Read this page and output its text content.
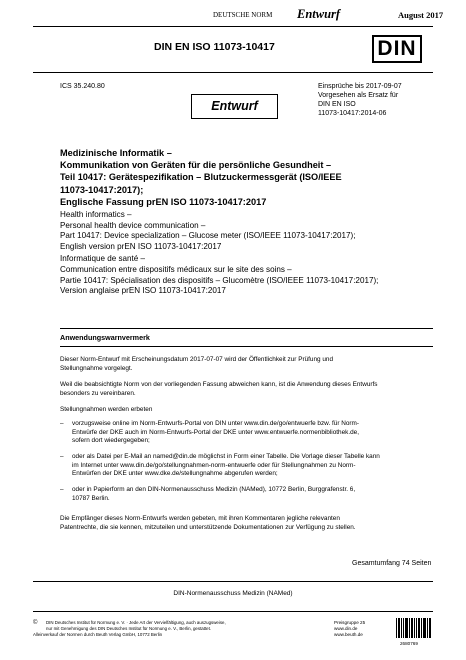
DEUTSCHE NORM Entwurf	August 2017
DIN EN ISO 11073-10417	DIN
ICS 35.240.80	Einsprüche bis 2017-09-07
Vorgesehen als Ersatz für
DIN EN ISO
11073-10417:2014-06
Entwurf
Medizinische Informatik –
Kommunikation von Geräten für die persönliche Gesundheit –
Teil 10417: Gerätespezifikation – Blutzuckermessgerät (ISO/IEEE
11073-10417:2017);
Englische Fassung prEN ISO 11073-10417:2017
Health informatics –
Personal health device communication –
Part 10417: Device specialization – Glucose meter (ISO/IEEE 11073-10417:2017);
English version prEN ISO 11073-10417:2017
Informatique de santé –
Communication entre dispositifs médicaux sur le site des soins –
Partie 10417: Spécialisation des dispositifs – Glucomètre (ISO/IEEE 11073-10417:2017);
Version anglaise prEN ISO 11073-10417:2017
Anwendungswarnvermerk
Dieser Norm-Entwurf mit Erscheinungsdatum 2017-07-07 wird der Öffentlichkeit zur Prüfung und
Stellungnahme vorgelegt.
Weil die beabsichtigte Norm von der vorliegenden Fassung abweichen kann, ist die Anwendung dieses Entwurfs
besonders zu vereinbaren.
Stellungnahmen werden erbeten
– vorzugsweise online im Norm-Entwurfs-Portal von DIN unter www.din.de/go/entwuerfe bzw. für Norm-
Entwürfe der DKE auch im Norm-Entwurfs-Portal der DKE unter www.entwuerfe.normenbibliothek.de,
sofern dort wiedergegeben;
– oder als Datei per E-Mail an named@din.de möglichst in Form einer Tabelle. Die Vorlage dieser Tabelle kann
im Internet unter www.din.de/go/stellungnahmen-norm-entwuerfe oder für Stellungnahmen zu Norm-
Entwürfen der DKE unter www.dke.de/stellungnahme abgerufen werden;
– oder in Papierform an den DIN-Normenausschuss Medizin (NAMed), 10772 Berlin, Burggrafenstr. 6,
10787 Berlin.
Die Empfänger dieses Norm-Entwurfs werden gebeten, mit ihren Kommentaren jegliche relevanten
Patentrechte, die sie kennen, mitzuteilen und unterstützende Dokumentationen zur Verfügung zu stellen.
Gesamtumfang 74 Seiten
DIN-Normenausschuss Medizin (NAMed)
© DIN Deutsches Institut für Normung e. V. · Jede Art der Vervielfältigung, auch auszugsweise,
nur mit Genehmigung des DIN Deutsches Institut für Normung e. V., Berlin, gestattet.
Alleinverkauf der Normen durch Beuth Verlag GmbH, 10772 Berlin
Preisgruppe 25
www.din.de
www.beuth.de
2680769
